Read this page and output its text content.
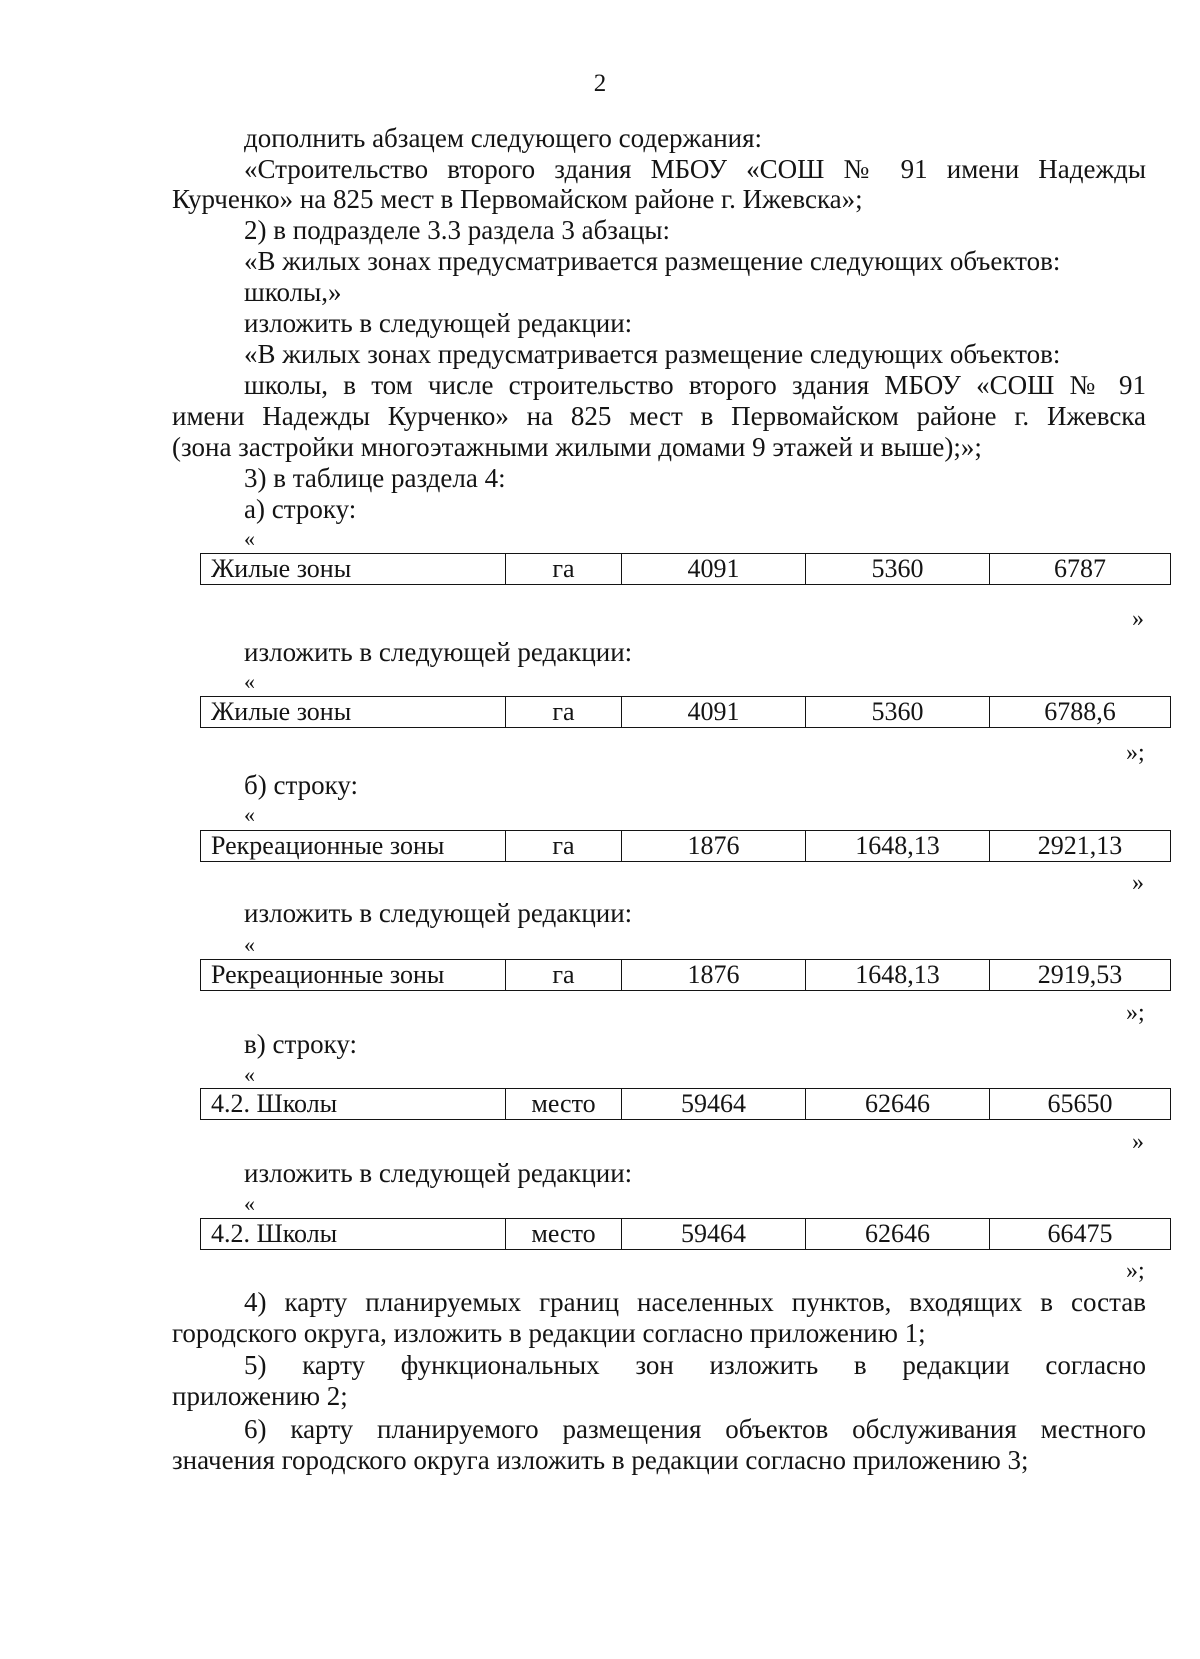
2
дополнить абзацем следующего содержания:
«Строительство второго здания МБОУ «СОШ № 91 имени Надежды
Курченко» на 825 мест в Первомайском районе г. Ижевска»;
2) в подразделе 3.3 раздела 3 абзацы:
«В жилых зонах предусматривается размещение следующих объектов:
школы,»
изложить в следующей редакции:
«В жилых зонах предусматривается размещение следующих объектов:
школы, в том числе строительство второго здания МБОУ «СОШ № 91
имени Надежды Курченко» на 825 мест в Первомайском районе г. Ижевска
(зона застройки многоэтажными жилыми домами 9 этажей и выше);»;
3) в таблице раздела 4:
а) строку:
«
Жилые зоны	га	4091	5360	6787
»
изложить в следующей редакции:
«
Жилые зоны	га	4091	5360	6788,6
»;
б) строку:
«
Рекреационные зоны	га	1876	1648,13	2921,13
»
изложить в следующей редакции:
«
Рекреационные зоны	га	1876	1648,13	2919,53
»;
в) строку:
«
4.2. Школы	место	59464	62646	65650
»
изложить в следующей редакции:
«
4.2. Школы	место	59464	62646	66475
»;
4) карту планируемых границ населенных пунктов, входящих в состав
городского округа, изложить в редакции согласно приложению 1;
5) карту функциональных зон изложить в редакции согласно
приложению 2;
6) карту планируемого размещения объектов обслуживания местного
значения городского округа изложить в редакции согласно приложению 3;
